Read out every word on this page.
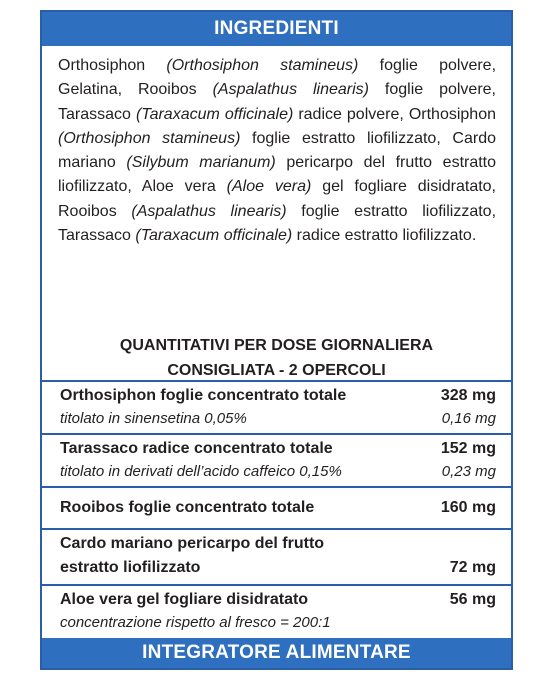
INGREDIENTI
Orthosiphon (Orthosiphon stamineus) foglie polvere, Gelatina, Rooibos (Aspalathus linearis) foglie polvere, Tarassaco (Taraxacum officinale) radice polvere, Orthosiphon (Orthosiphon stamineus) foglie estratto liofilizzato, Cardo mariano (Silybum marianum) pericarpo del frutto estratto liofilizzato, Aloe vera (Aloe vera) gel fogliare disidratato, Rooibos (Aspalathus linearis) foglie estratto liofilizzato, Tarassaco (Taraxacum officinale) radice estratto liofilizzato.
QUANTITATIVI PER DOSE GIORNALIERA
CONSIGLIATA - 2 OPERCOLI
Orthosiphon foglie concentrato totale	328 mg
titolato in sinensetina 0,05%	0,16 mg
Tarassaco radice concentrato totale	152 mg
titolato in derivati dell’acido caffeico 0,15%	0,23 mg
Rooibos foglie concentrato totale	160 mg
Cardo mariano pericarpo del frutto
estratto liofilizzato	72 mg
Aloe vera gel fogliare disidratato	56 mg
concentrazione rispetto al fresco = 200:1
INTEGRATORE ALIMENTARE
